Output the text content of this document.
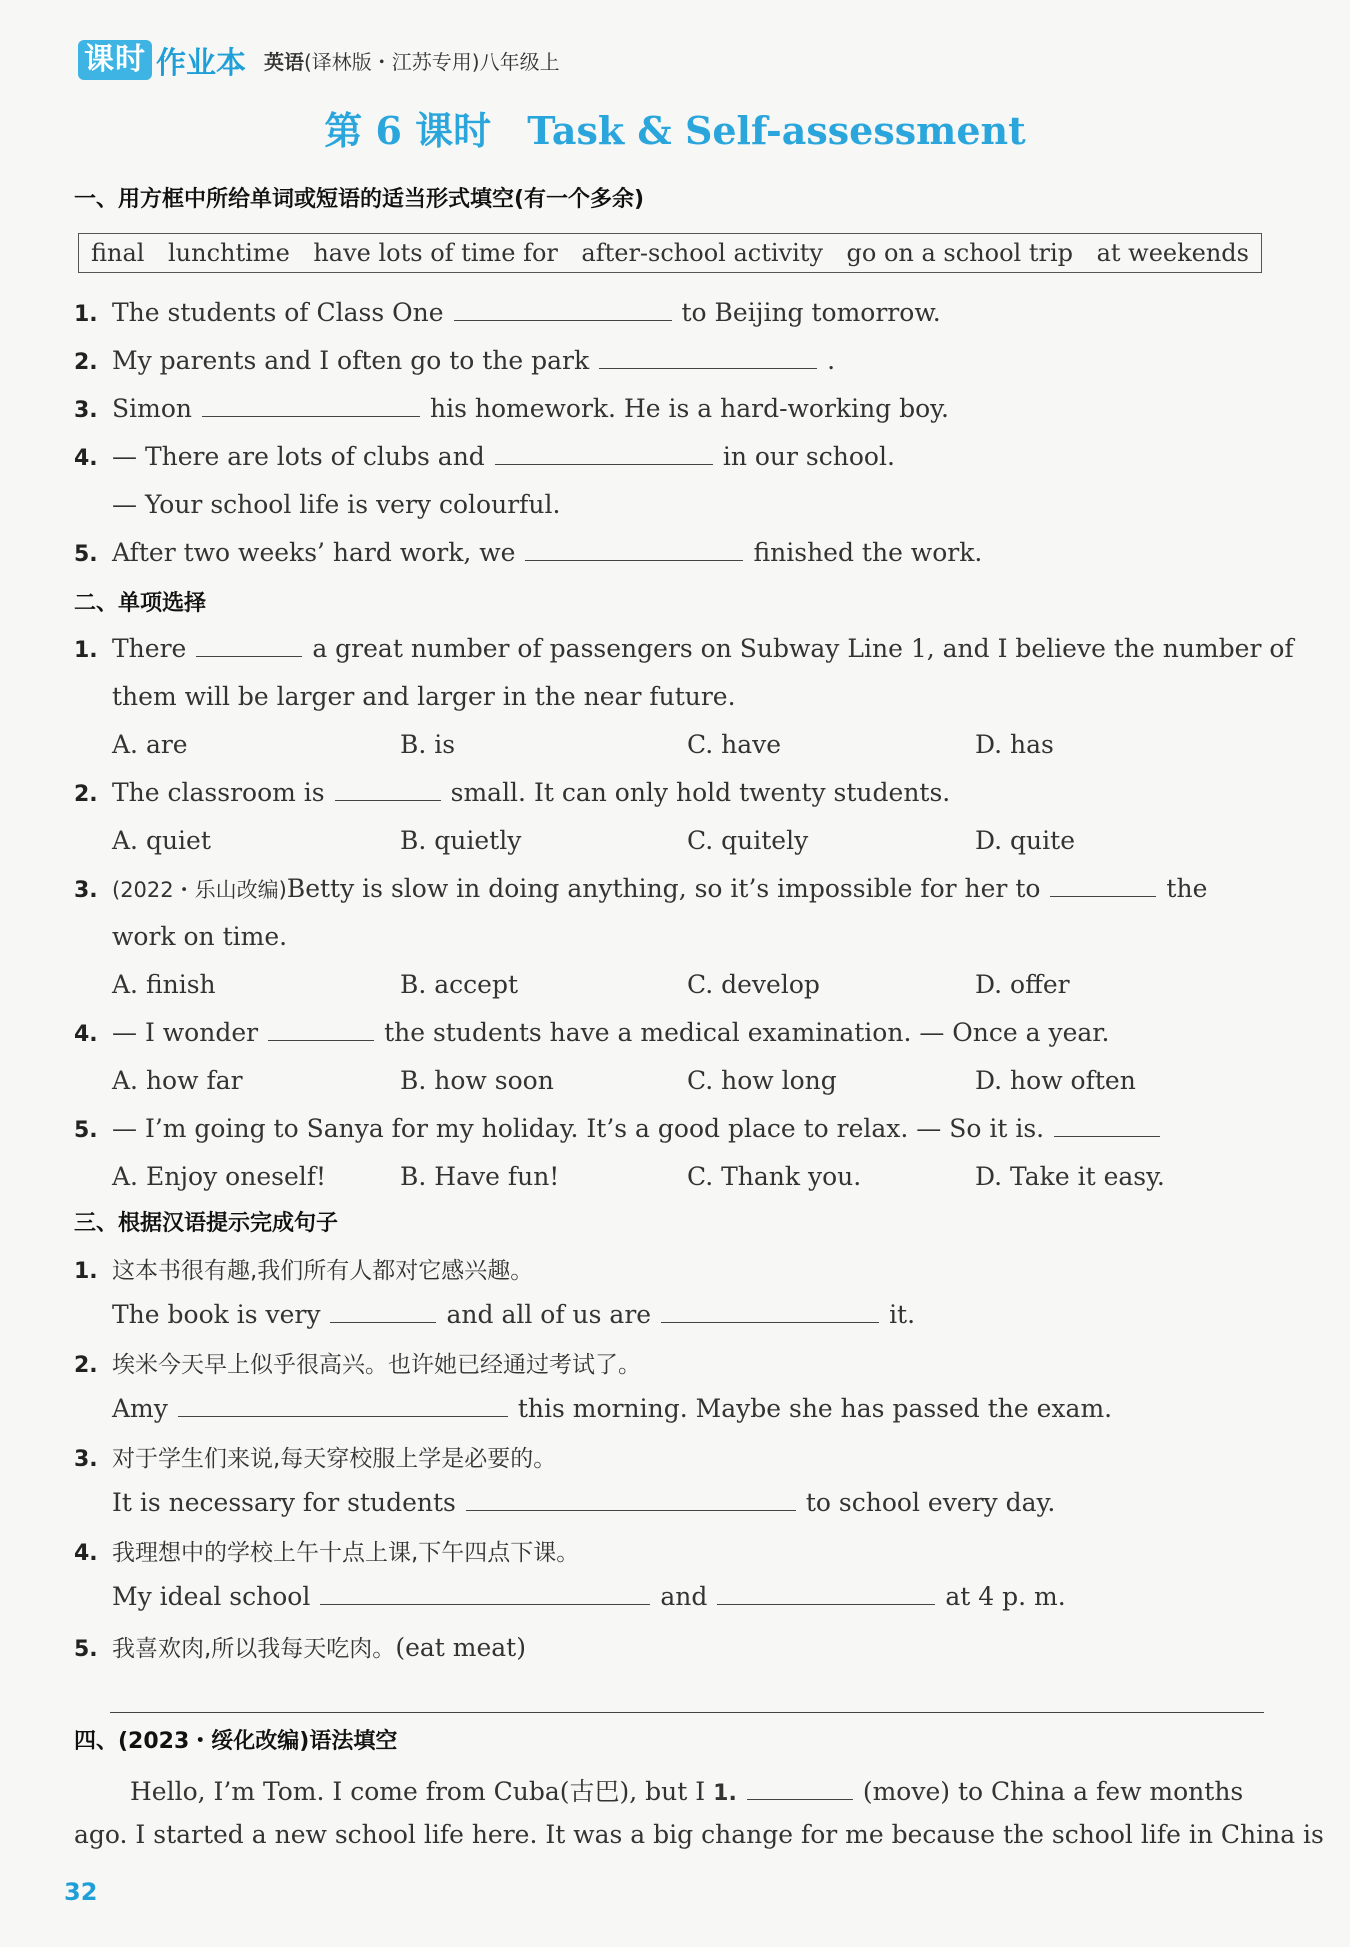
课时 作业本 英语(译林版・江苏专用)八年级上
第 6 课时 Task & Self-assessment
一、用方框中所给单词或短语的适当形式填空(有一个多余)
final lunchtime have lots of time for after-school activity go on a school trip at weekends
1. The students of Class One	to Beijing tomorrow.
2. My parents and I often go to the park	.
3. Simon	his homework. He is a hard-working boy.
4. — There are lots of clubs and	in our school.
— Your school life is very colourful.
5. After two weeks’ hard work, we	finished the work.
二、单项选择
1. There	a great number of passengers on Subway Line 1, and I believe the number of
them will be larger and larger in the near future.
A. are	B. is	C. have	D. has
2. The classroom is	small. It can only hold twenty students.
A. quiet	B. quietly	C. quitely	D. quite
3. (2022・乐山改编) Betty is slow in doing anything, so it’s impossible for her to	the
work on time.
A. finish	B. accept	C. develop	D. offer
4. — I wonder	the students have a medical examination. — Once a year.
A. how far	B. how soon	C. how long	D. how often
5. — I’m going to Sanya for my holiday. It’s a good place to relax. — So it is.
A. Enjoy oneself!	B. Have fun!	C. Thank you.	D. Take it easy.
三、根据汉语提示完成句子
1. 这本书很有趣,我们所有人都对它感兴趣。
The book is very	and all of us are	it.
2. 埃米今天早上似乎很高兴。也许她已经通过考试了。
Amy	this morning. Maybe she has passed the exam.
3. 对于学生们来说,每天穿校服上学是必要的。
It is necessary for students	to school every day.
4. 我理想中的学校上午十点上课,下午四点下课。
My ideal school	and	at 4 p. m.
5. 我喜欢肉,所以我每天吃肉。 (eat meat)
四、(2023・绥化改编)语法填空
Hello, I’m Tom. I come from Cuba(古巴), but I 1.	(move) to China a few months
ago. I started a new school life here. It was a big change for me because the school life in China is
32
